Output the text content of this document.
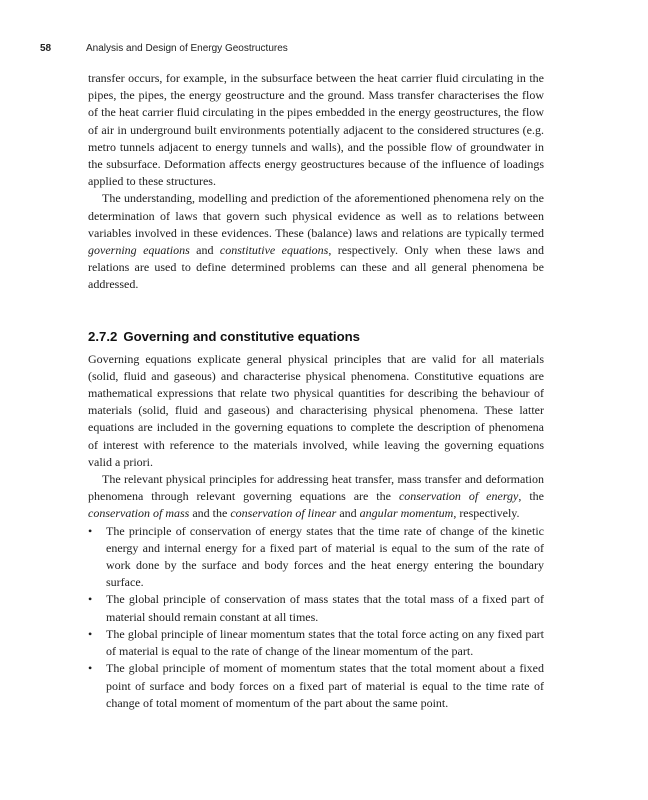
58	Analysis and Design of Energy Geostructures

transfer occurs, for example, in the subsurface between the heat carrier fluid circulating in the pipes, the pipes, the energy geostructure and the ground. Mass transfer characterises the flow of the heat carrier fluid circulating in the pipes embedded in the energy geostructures, the flow of air in underground built environments potentially adjacent to the considered structures (e.g. metro tunnels adjacent to energy tunnels and walls), and the possible flow of groundwater in the subsurface. Deformation affects energy geostructures because of the influence of loadings applied to these structures.

The understanding, modelling and prediction of the aforementioned phenomena rely on the determination of laws that govern such physical evidence as well as to relations between variables involved in these evidences. These (balance) laws and relations are typically termed governing equations and constitutive equations, respectively. Only when these laws and relations are used to define determined problems can these and all general phenomena be addressed.

2.7.2 Governing and constitutive equations

Governing equations explicate general physical principles that are valid for all materials (solid, fluid and gaseous) and characterise physical phenomena. Constitutive equations are mathematical expressions that relate two physical quantities for describing the behaviour of materials (solid, fluid and gaseous) and characterising physical phenomena. These latter equations are included in the governing equations to complete the description of phenomena of interest with reference to the materials involved, while leaving the governing equations valid a priori.

The relevant physical principles for addressing heat transfer, mass transfer and deformation phenomena through relevant governing equations are the conservation of energy, the conservation of mass and the conservation of linear and angular momentum, respectively.

•	The principle of conservation of energy states that the time rate of change of the kinetic energy and internal energy for a fixed part of material is equal to the sum of the rate of work done by the surface and body forces and the heat energy entering the boundary surface.
•	The global principle of conservation of mass states that the total mass of a fixed part of material should remain constant at all times.
•	The global principle of linear momentum states that the total force acting on any fixed part of material is equal to the rate of change of the linear momentum of the part.
•	The global principle of moment of momentum states that the total moment about a fixed point of surface and body forces on a fixed part of material is equal to the time rate of change of total moment of momentum of the part about the same point.
